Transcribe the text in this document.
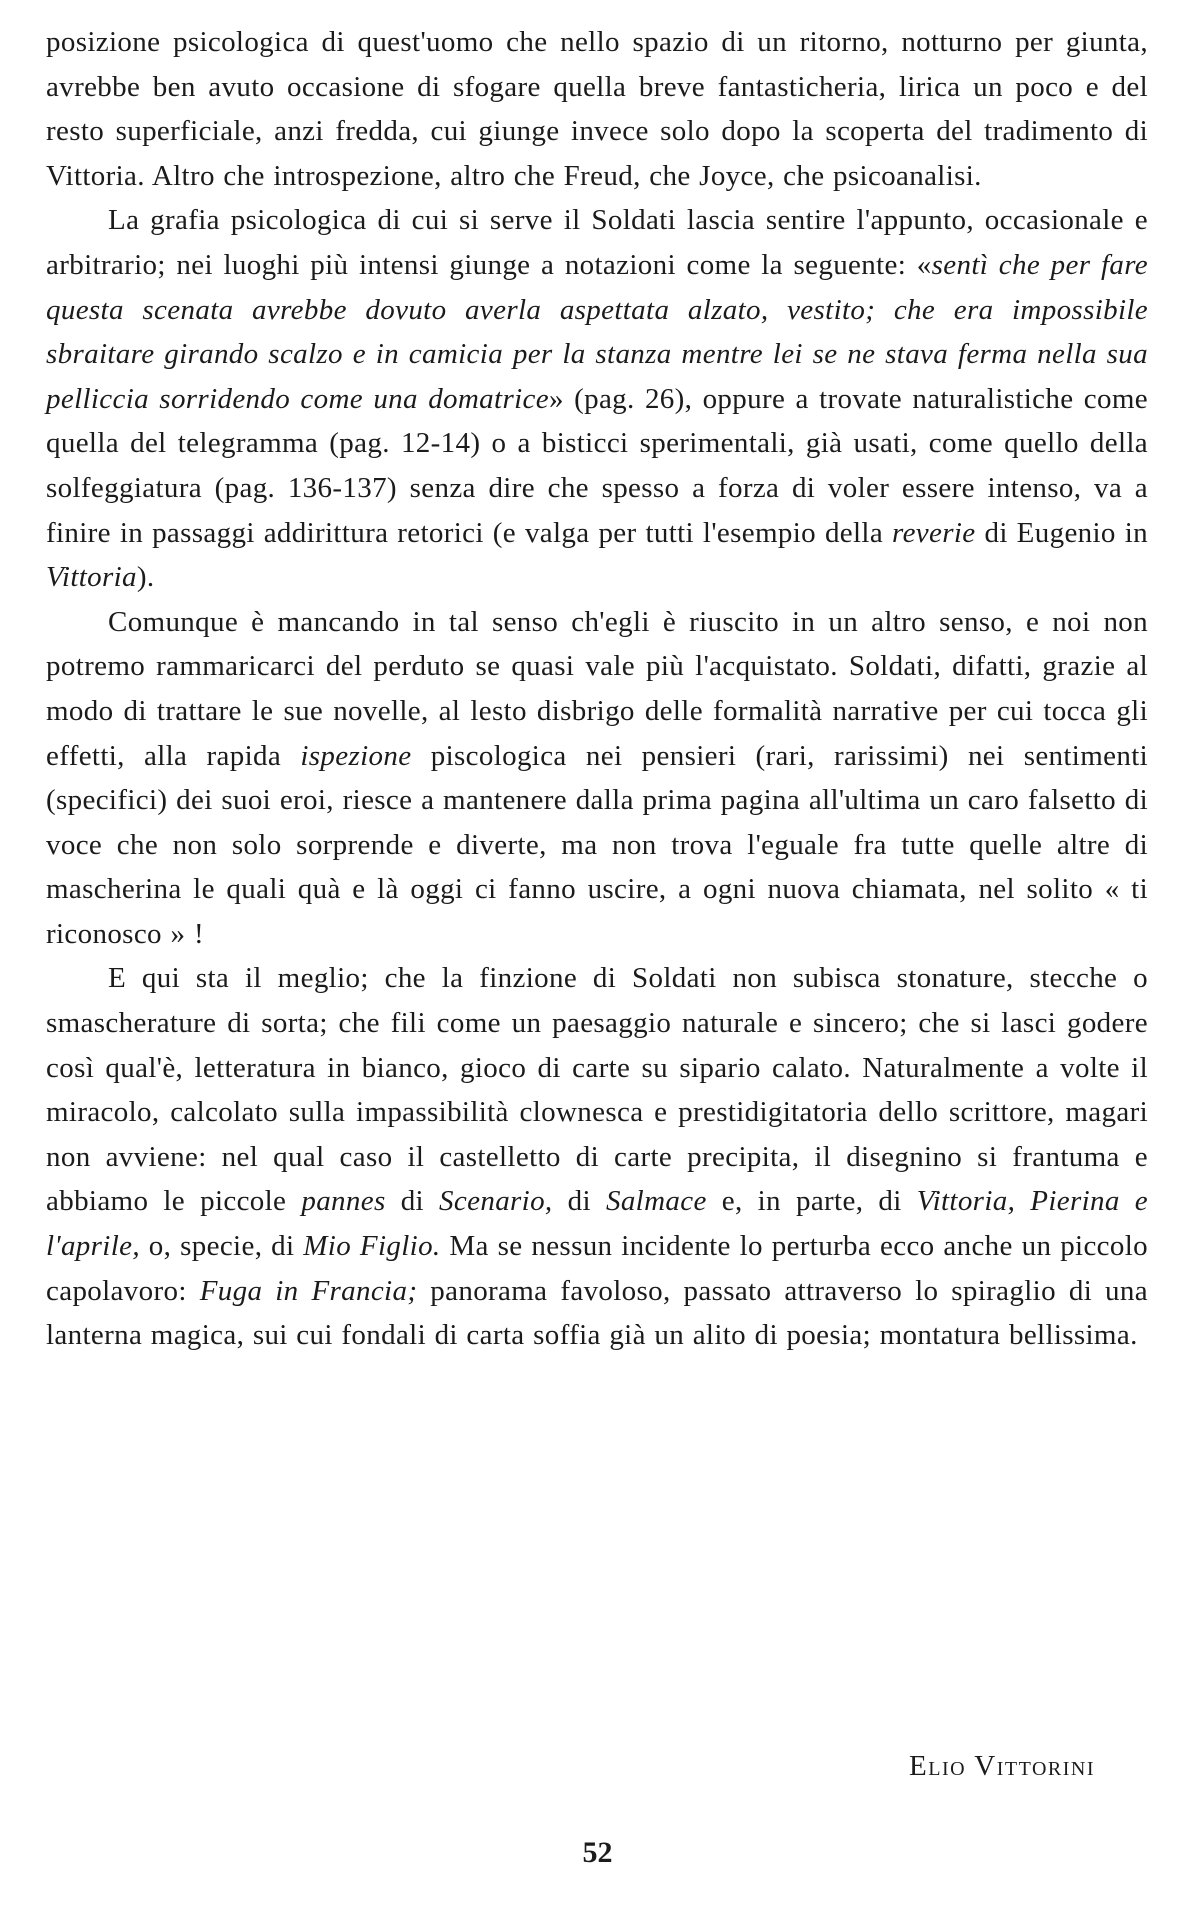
posizione psicologica di quest'uomo che nello spazio di un ritorno, notturno per giunta, avrebbe ben avuto occasione di sfogare quella breve fantasticheria, lirica un poco e del resto superficiale, anzi fredda, cui giunge invece solo dopo la scoperta del tradimento di Vittoria. Altro che introspezione, altro che Freud, che Joyce, che psicoanalisi.

La grafia psicologica di cui si serve il Soldati lascia sentire l'appunto, occasionale e arbitrario; nei luoghi più intensi giunge a notazioni come la seguente: «sentì che per fare questa scenata avrebbe dovuto averla aspettata alzato, vestito; che era impossibile sbraitare girando scalzo e in camicia per la stanza mentre lei se ne stava ferma nella sua pelliccia sorridendo come una domatrice» (pag. 26), oppure a trovate naturalistiche come quella del telegramma (pag. 12-14) o a bisticci sperimentali, già usati, come quello della solfeggiatura (pag. 136-137) senza dire che spesso a forza di voler essere intenso, va a finire in passaggi addirittura retorici (e valga per tutti l'esempio della reverie di Eugenio in Vittoria).

Comunque è mancando in tal senso ch'egli è riuscito in un altro senso, e noi non potremo rammaricarci del perduto se quasi vale più l'acquistato. Soldati, difatti, grazie al modo di trattare le sue novelle, al lesto disbrigo delle formalità narrative per cui tocca gli effetti, alla rapida ispezione piscologica nei pensieri (rari, rarissimi) nei sentimenti (specifici) dei suoi eroi, riesce a mantenere dalla prima pagina all'ultima un caro falsetto di voce che non solo sorprende e diverte, ma non trova l'eguale fra tutte quelle altre di mascherina le quali quà e là oggi ci fanno uscire, a ogni nuova chiamata, nel solito « ti riconosco » !

E qui sta il meglio; che la finzione di Soldati non subisca stonature, stecche o smascherature di sorta; che fili come un paesaggio naturale e sincero; che si lasci godere così qual'è, letteratura in bianco, gioco di carte su sipario calato. Naturalmente a volte il miracolo, calcolato sulla impassibilità clownesca e prestidigitatoria dello scrittore, magari non avviene: nel qual caso il castelletto di carte precipita, il disegnino si frantuma e abbiamo le piccole pannes di Scenario, di Salmace e, in parte, di Vittoria, Pierina e l'aprile, o, specie, di Mio Figlio. Ma se nessun incidente lo perturba ecco anche un piccolo capolavoro: Fuga in Francia; panorama favoloso, passato attraverso lo spiraglio di una lanterna magica, sui cui fondali di carta soffia già un alito di poesia; montatura bellissima.

Elio Vittorini
52
